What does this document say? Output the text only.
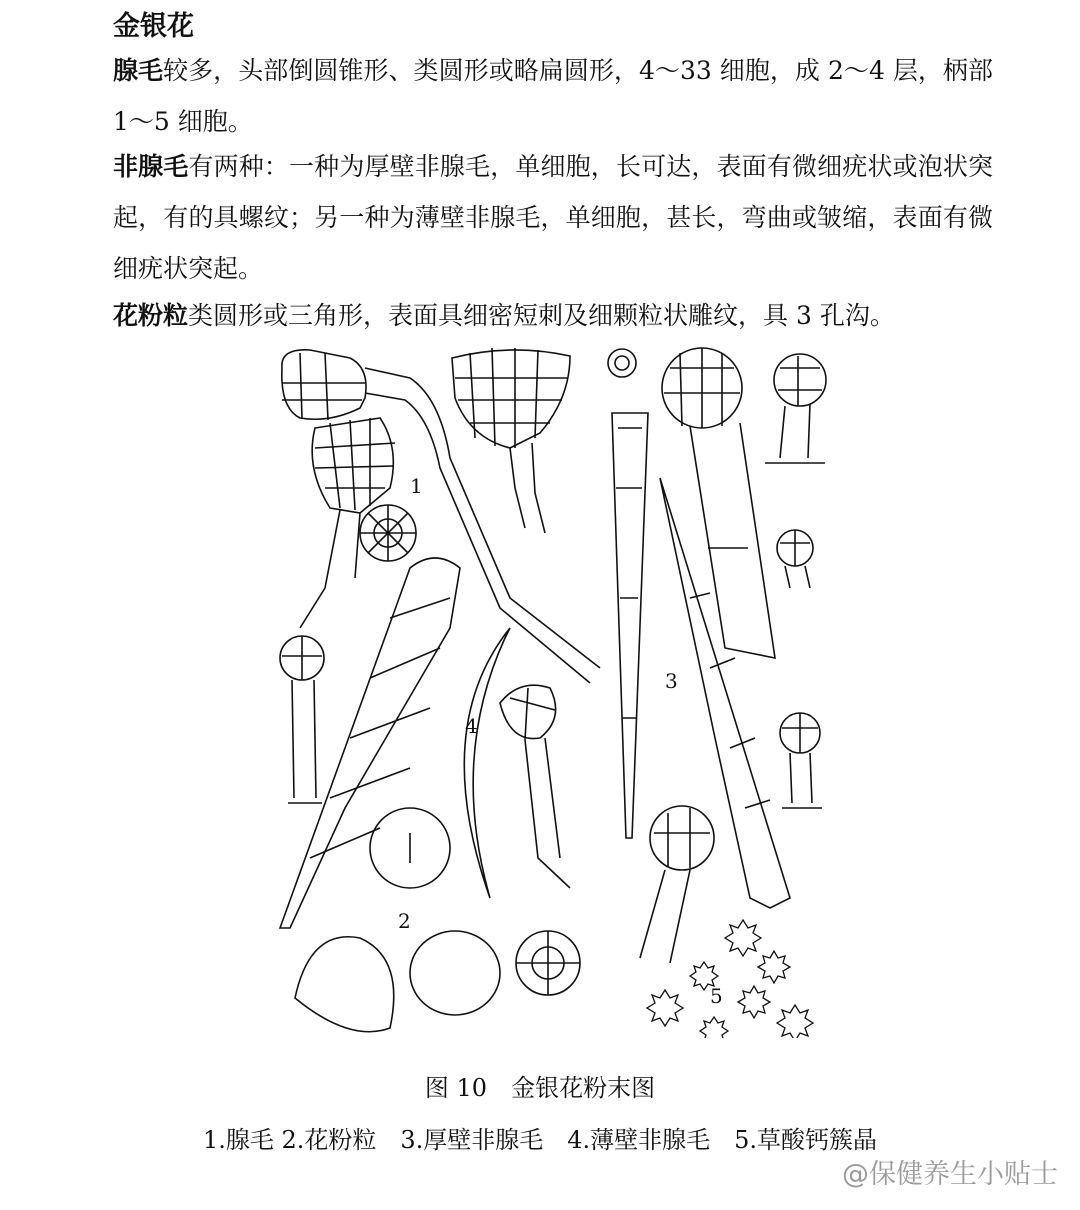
金银花

腺毛较多，头部倒圆锥形、类圆形或略扁圆形，4～33 细胞，成 2～4 层，柄部 1～5 细胞。

非腺毛有两种：一种为厚壁非腺毛，单细胞，长可达，表面有微细疣状或泡状突起，有的具螺纹；另一种为薄壁非腺毛，单细胞，甚长，弯曲或皱缩，表面有微细疣状突起。

花粉粒类圆形或三角形，表面具细密短刺及细颗粒状雕纹，具 3 孔沟。

1
3
4
2
5
图 10　金银花粉末图
1.腺毛 2.花粉粒　3.厚壁非腺毛　4.薄壁非腺毛　5.草酸钙簇晶
@保健养生小贴士
